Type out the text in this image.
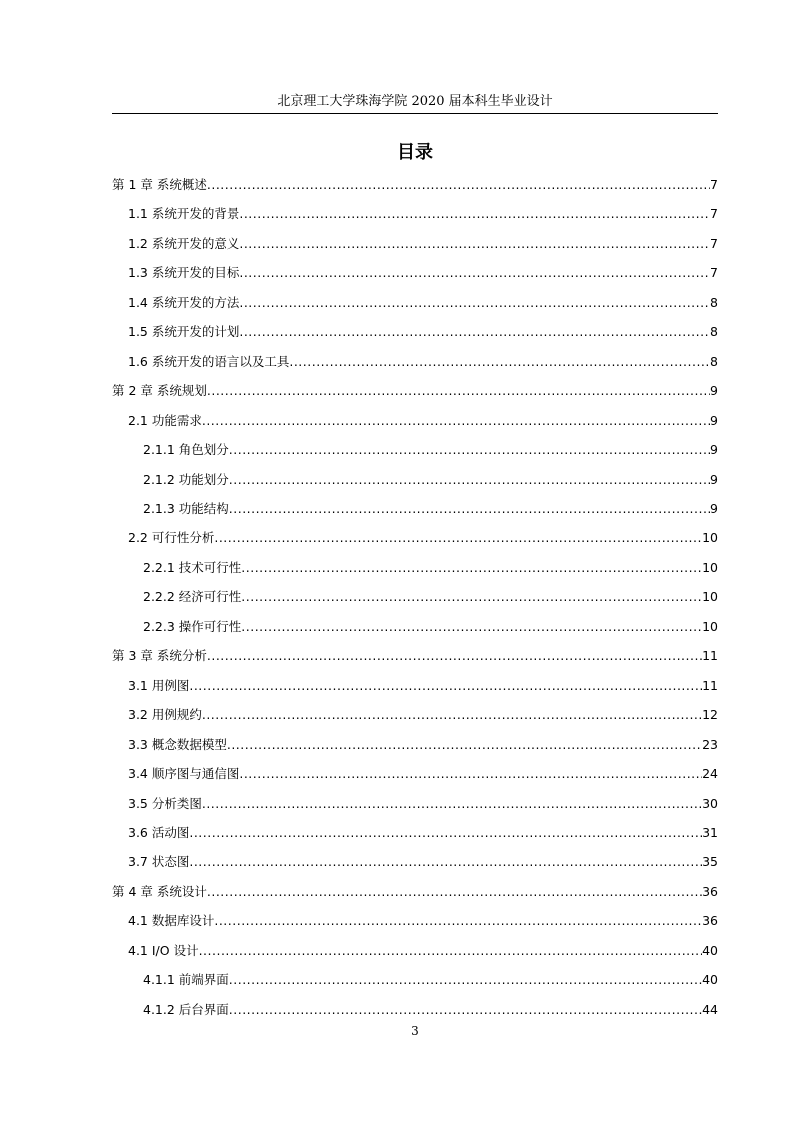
北京理工大学珠海学院 2020 届本科生毕业设计
目录
第 1 章 系统概述 .....	7
1.1 系统开发的背景 .....	7
1.2 系统开发的意义 .....	7
1.3 系统开发的目标 .....	7
1.4 系统开发的方法 .....	8
1.5 系统开发的计划 .....	8
1.6 系统开发的语言以及工具 .....	8
第 2 章 系统规划 .....	9
2.1 功能需求 .....	9
2.1.1 角色划分 .....	9
2.1.2 功能划分 .....	9
2.1.3 功能结构 .....	9
2.2 可行性分析 .....	10
2.2.1 技术可行性 .....	10
2.2.2 经济可行性 .....	10
2.2.3 操作可行性 .....	10
第 3 章 系统分析 .....	11
3.1 用例图 .....	11
3.2 用例规约 .....	12
3.3 概念数据模型 .....	23
3.4 顺序图与通信图 .....	24
3.5 分析类图 .....	30
3.6 活动图 .....	31
3.7 状态图 .....	35
第 4 章 系统设计 .....	36
4.1 数据库设计 .....	36
4.1 I/O 设计 .....	40
4.1.1 前端界面 .....	40
4.1.2 后台界面 .....	44
3
